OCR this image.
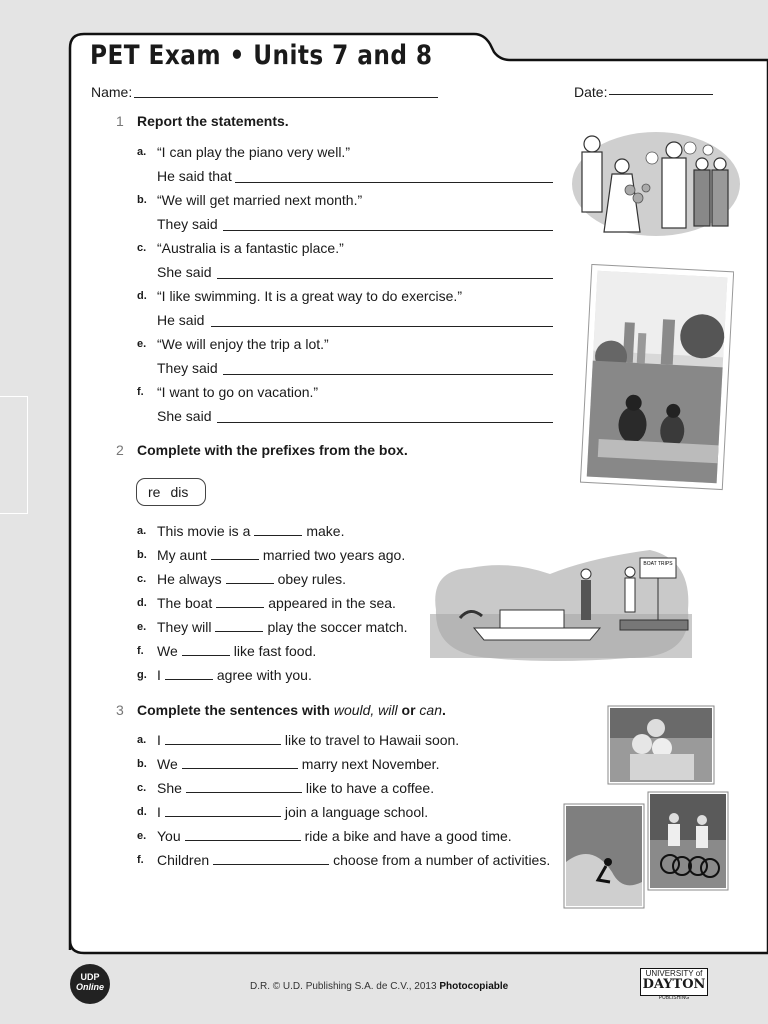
PET Exam • Units 7 and 8
Name:	Date:
1 Report the statements.
a. “I can play the piano very well.”
He said that
b. “We will get married next month.”
They said
c. “Australia is a fantastic place.”
She said
d. “I like swimming. It is a great way to do exercise.”
He said
e. “We will enjoy the trip a lot.”
They said
f. “I want to go on vacation.”
She said
2 Complete with the prefixes from the box.
re dis
a. This movie is a	make.
b. My aunt	married two years ago.
c. He always	obey rules.
d. The boat	appeared in the sea.
e. They will	play the soccer match.
f. We	like fast food.
g. I	agree with you.
3 Complete the sentences with would, will or can.
a. I	like to travel to Hawaii soon.
b. We	marry next November.
c. She	like to have a coffee.
d. I	join a language school.
e. You	ride a bike and have a good time.
f. Children	choose from a number of activities.
BOAT TRIPS
UDP
Online	D.R. © U.D. Publishing S.A. de C.V., 2013 Photocopiable
UNIVERSITY of
DAYTON
PUBLISHING
